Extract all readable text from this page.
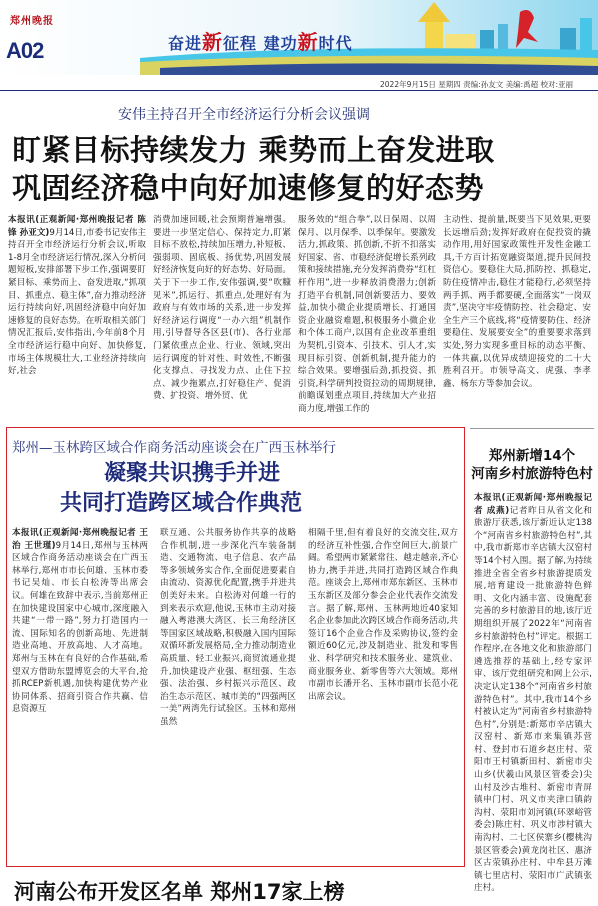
郑州晚报
A02	奋进新征程 建功新时代
2022年9月15日 星期四 责编:孙友文 美编:禹超 校对:亚丽
安伟主持召开全市经济运行分析会议强调
盯紧目标持续发力 乘势而上奋发进取
巩固经济稳中向好加速修复的好态势
本报讯(正观新闻·郑州晚报记者 陈锋 孙亚文)9月14日,市委书记安伟主持召开全市经济运行分析会议,听取1-8月全市经济运行情况,深入分析问题短板,安排部署下步工作,强调要盯紧目标、乘势而上、奋发进取,“抓项目、抓重点、稳主体”,奋力推动经济运行持续向好,巩固经济稳中向好加速修复的良好态势。在听取相关部门情况汇报后,安伟指出,今年前8个月全市经济运行稳中向好、加快修复,市场主体规模壮大,工业经济持续向好,社会
消费加速回暖,社会预期普遍增强。要进一步坚定信心、保持定力,盯紧目标不放松,持续加压增力,补短板、强弱项、固底板、扬优势,巩固发展好经济恢复向好的好态势、好局面。关于下一步工作,安伟强调,要“吹糠见米”,抓运行、抓重点,处理好有为政府与有效市场的关系,进一步发挥好经济运行调度“一办六组”机制作用,引导督导各区县(市)、各行业部门紧依重点企业、行业、领域,突出运行调度的针对性、时效性,不断强化支撑点、寻找发力点、止住下拉点、减少拖累点,打好稳住产、促消费、扩投资、增外贸、优
服务效的“组合拳”,以日保周、以周保月、以月保季、以季保年。要激发活力,抓政策、抓创新,不折不扣落实好国家、省、市稳经济促增长系列政策和接续措施,充分发挥消费券“红杠杆作用”,进一步释放消费潜力;创新打造平台机制,同创新要活力、要效益,加快小微企业提质增长、打通国资企业融资难题,积极服务小微企业和个体工商户,以国有企业改革重组为契机,引资本、引技术、引人才,实现目标引资、创新机制,提升能力的综合效果。要增强后劲,抓投资、抓引资,科学研判投资拉动的周期规律,前瞻谋划重点项目,持续加大产业招商力度,增强工作的
主动性、提前量,既要当下见效果,更要长远增后劲;发挥好政府在促投资的撬动作用,用好国家政策性开发性金融工具,千方百计拓宽融资渠道,提升民间投资信心。要稳住大局,抓防控、抓稳定,防住疫情冲击,稳住才能稳行,必须坚持两手抓、两手都要硬,全面落实“一岗双责”,坚决守牢疫情防控、社会稳定、安全生产三个底线,将“疫情要防住、经济要稳住、发展要安全”的重要要求落到实处,努力实现多重目标的动态平衡、一体共赢,以优异成绩迎接党的二十大胜利召开。市领导高文、虎强、李孝鑫、杨东方等参加会议。
郑州—玉林跨区域合作商务活动座谈会在广西玉林举行
凝聚共识携手并进
共同打造跨区域合作典范
本报讯(正观新闻·郑州晚报记者 王治 王世瑾)9月14日,郑州与玉林两区域合作商务活动座谈会在广西玉林举行,郑州市市长何雄、玉林市委书记吴灿、市长白松涛等出席会议。何雄在致辞中表示,当前郑州正在加快建设国家中心城市,深度融入共建“一带一路”,努力打造国内一流、国际知名的创新高地、先进制造业高地、开放高地、人才高地。郑州与玉林在有良好的合作基础,希望双方借助东盟博览会的大平台,抢抓RCEP新机遇,加快构建优势产业协同体系、招商引资合作共赢、信息资源互
联互通、公共服务协作共享的战略合作机制,进一步深化汽车装备制造、交通物流、电子信息、农产品等多领域务实合作,全面促进要素自由流动、资源优化配置,携手并进共创美好未来。白松涛对何雄一行的到来表示欢迎,他说,玉林市主动对接融入粤港澳大湾区、长三角经济区等国家区域战略,积极融入国内国际双循环新发展格局,全力推动制造业高质量、轻工业振兴,商贸流通业提升,加快建设产业强、枢纽强、生态强、法治强、乡村振兴示范区、政治生态示范区、城市美的“四强两区一美”两湾先行试验区。玉林和郑州虽然
相隔千里,但有着良好的交流交往,双方的经济互补性强,合作空间巨大,前景广阔。希望两市紧紧常往、越走越亲,齐心协力,携手并进,共同打造跨区域合作典范。座谈会上,郑州市郑东新区、玉林市玉东新区及部分参会企业代表作交流发言。据了解,郑州、玉林两地近40家知名企业参加此次跨区域合作商务活动,共签订16个企业合作及采购协议,签约金额近60亿元,涉及制造业、批发和零售业、科学研究和技术服务业、建筑业、商业服务业、新零售等六大领域。郑州市副市长潘开名、玉林市副市长范小花出席会议。
郑州新增14个
河南乡村旅游特色村
本报讯(正观新闻·郑州晚报记者 成燕)记者昨日从省文化和旅游厅获悉,该厅新近认定138个“河南省乡村旅游特色村”,其中,我市新郑市辛店镇大汉窑村等14个村入围。据了解,为持续推进全省全省乡村旅游提质发展,培育建设一批旅游特色鲜明、文化内涵丰富、设施配套完善的乡村旅游目的地,该厅近期组织开展了2022年“河南省乡村旅游特色村”评定。根据工作程序,在各地文化和旅游部门遴选推荐的基础上,经专家评审、该厅党组研究和网上公示,决定认定138个“河南省乡村旅游特色村”。其中,我市14个乡村被认定为“河南省乡村旅游特色村”,分别是:新郑市辛店镇大汉窑村、新郑市来集镇苏营村、登封市石道乡赵庄村、荥阳市王村镇新田村、新密市尖山乡(伏羲山风景区管委会)尖山村及沙古堆村、新密市青屏镇申门村、巩义市夹津口镇韵沟村、荥阳市刘河镇(环翠峪管委会)陈庄村、巩义市涉村镇大南沟村、二七区侯寨乡(樱桃沟景区管委会)黄龙岗社区、惠济区古荥镇孙庄村、中牟县万滩镇七里店村、荥阳市广武镇张庄村。
河南公布开发区名单 郑州17家上榜
